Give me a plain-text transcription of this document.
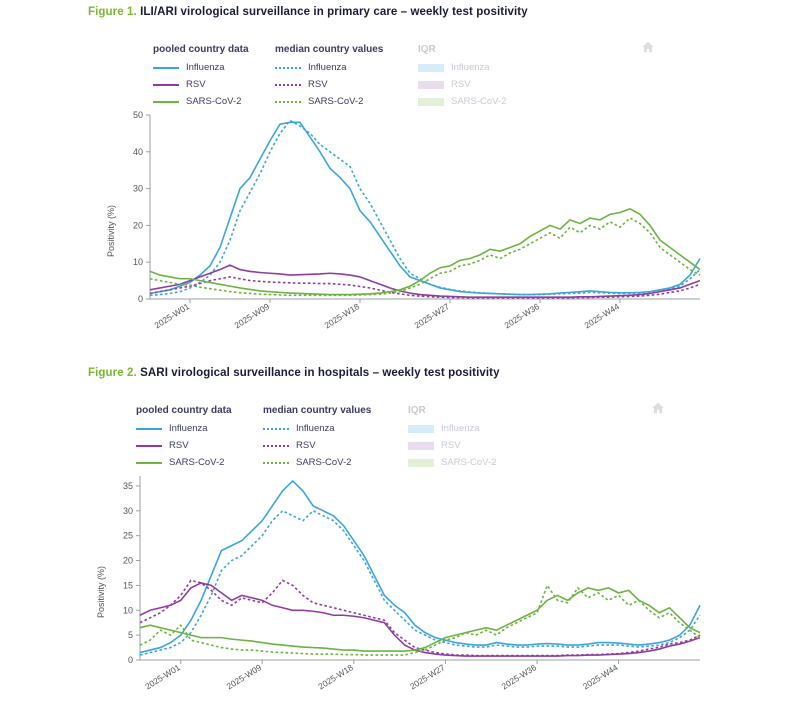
Figure 1. ILI/ARI virological surveillance in primary care – weekly test positivity
pooled country data
Influenza
RSV
SARS-CoV-2
median country values
Influenza
RSV
SARS-CoV-2
IQR
Influenza
RSV
SARS-CoV-2
Positivity (%)
0
10
20
30
40
50
2025-W01	2025-W09	2025-W18	2025-W27	2025-W36	2025-W44
Figure 2. SARI virological surveillance in hospitals – weekly test positivity
pooled country data
Influenza
RSV
SARS-CoV-2
median country values
Influenza
RSV
SARS-CoV-2
IQR
Influenza
RSV
SARS-CoV-2
Positivity (%)
0
5
10
15
20
25
30
35
2025-W01	2025-W09	2025-W18	2025-W27	2025-W36	2025-W44
